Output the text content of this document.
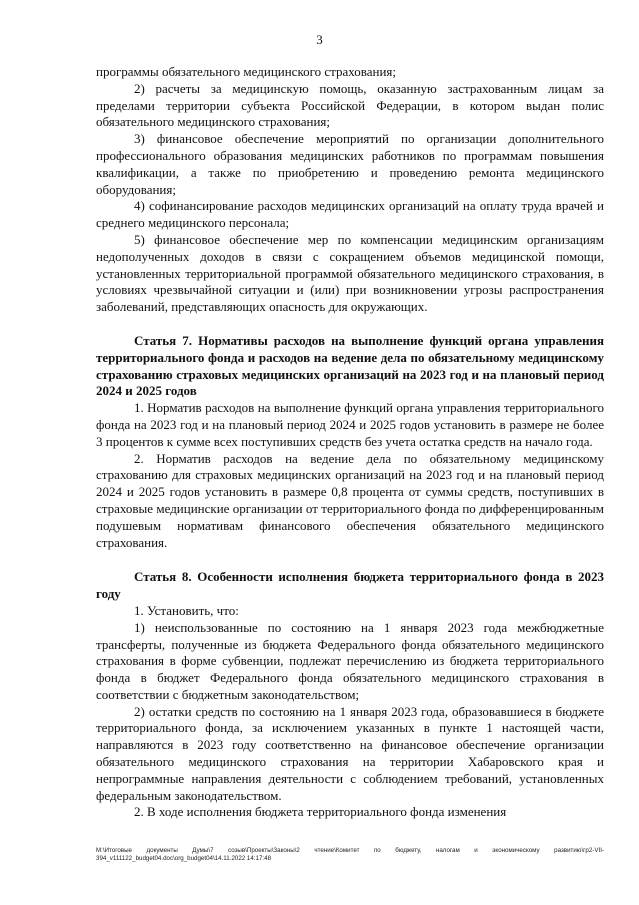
3

программы обязательного медицинского страхования;

2) расчеты за медицинскую помощь, оказанную застрахованным лицам за пределами территории субъекта Российской Федерации, в котором выдан полис обязательного медицинского страхования;

3) финансовое обеспечение мероприятий по организации дополнительного профессионального образования медицинских работников по программам повышения квалификации, а также по приобретению и проведению ремонта медицинского оборудования;

4) софинансирование расходов медицинских организаций на оплату труда врачей и среднего медицинского персонала;

5) финансовое обеспечение мер по компенсации медицинским организациям недополученных доходов в связи с сокращением объемов медицинской помощи, установленных территориальной программой обязательного медицинского страхования, в условиях чрезвычайной ситуации и (или) при возникновении угрозы распространения заболеваний, представляющих опасность для окружающих.

Статья 7. Нормативы расходов на выполнение функций органа управления территориального фонда и расходов на ведение дела по обязательному медицинскому страхованию страховых медицинских организаций на 2023 год и на плановый период 2024 и 2025 годов

1. Норматив расходов на выполнение функций органа управления территориального фонда на 2023 год и на плановый период 2024 и 2025 годов установить в размере не более 3 процентов к сумме всех поступивших средств без учета остатка средств на начало года.

2. Норматив расходов на ведение дела по обязательному медицинскому страхованию для страховых медицинских организаций на 2023 год и на плановый период 2024 и 2025 годов установить в размере 0,8 процента от суммы средств, поступивших в страховые медицинские организации от территориального фонда по дифференцированным подушевым нормативам финансового обеспечения обязательного медицинского страхования.

Статья 8. Особенности исполнения бюджета территориального фонда в 2023 году

1. Установить, что:

1) неиспользованные по состоянию на 1 января 2023 года межбюджетные трансферты, полученные из бюджета Федерального фонда обязательного медицинского страхования в форме субвенции, подлежат перечислению из бюджета территориального фонда в бюджет Федерального фонда обязательного медицинского страхования в соответствии с бюджетным законодательством;

2) остатки средств по состоянию на 1 января 2023 года, образовавшиеся в бюджете территориального фонда, за исключением указанных в пункте 1 настоящей части, направляются в 2023 году соответственно на финансовое обеспечение организации обязательного медицинского страхования на территории Хабаровского края и непрограммные направления деятельности с соблюдением требований, установленных федеральным законодательством.

2. В ходе исполнения бюджета территориального фонда изменения

М:\Итоговые документы Думы\7 созыв\Проекты\Законы\2 чтение\Комитет по бюджету, налогам и экономическому развитию\гр2-VII-394_v111122_budget04.doc\org_budget04\14.11.2022 14:17:48
